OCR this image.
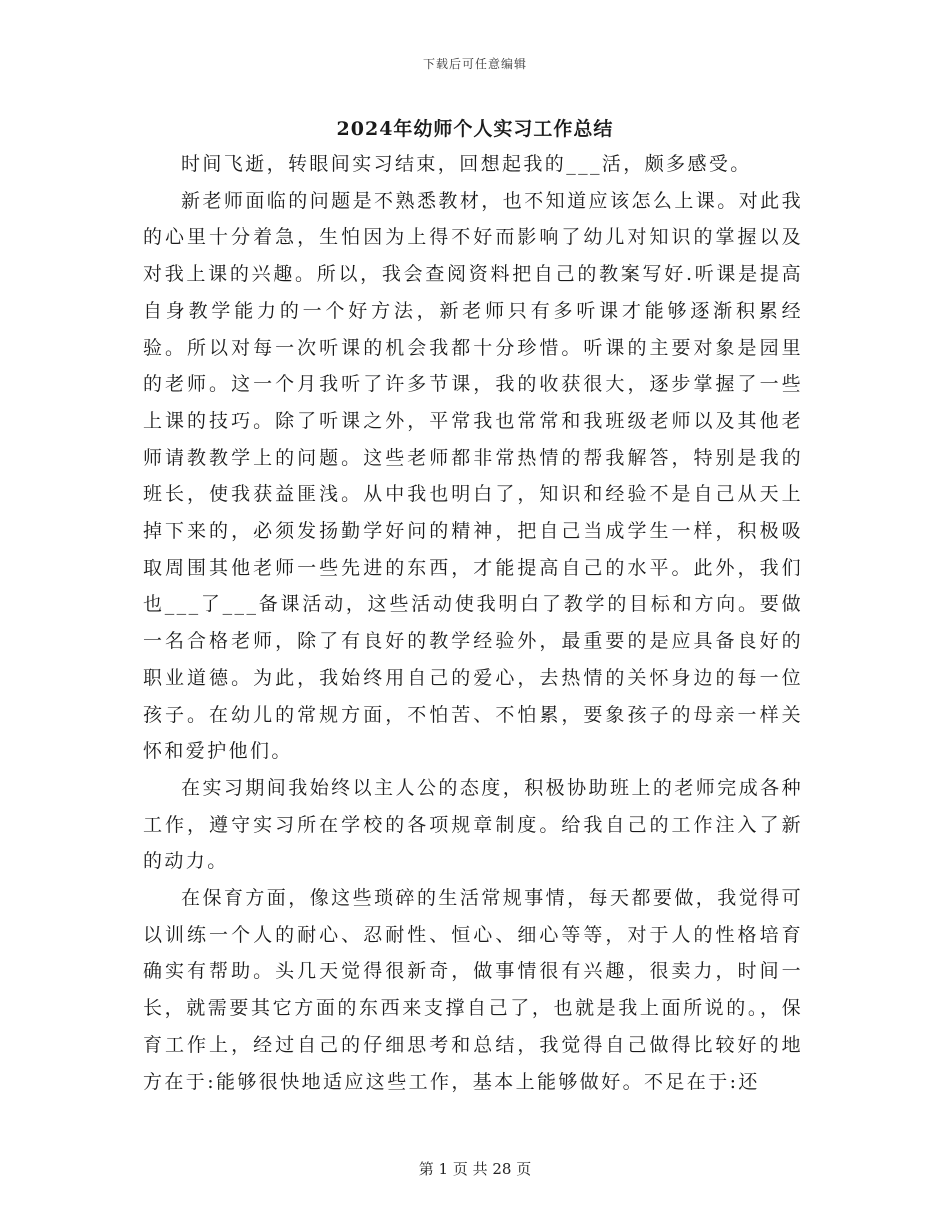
下载后可任意编辑
2024年幼师个人实习工作总结

时间飞逝，转眼间实习结束，回想起我的___活，颇多感受。

新老师面临的问题是不熟悉教材，也不知道应该怎么上课。对此我的心里十分着急，生怕因为上得不好而影响了幼儿对知识的掌握以及对我上课的兴趣。所以，我会查阅资料把自己的教案写好.听课是提高自身教学能力的一个好方法，新老师只有多听课才能够逐渐积累经验。所以对每一次听课的机会我都十分珍惜。听课的主要对象是园里的老师。这一个月我听了许多节课，我的收获很大，逐步掌握了一些上课的技巧。除了听课之外，平常我也常常和我班级老师以及其他老师请教教学上的问题。这些老师都非常热情的帮我解答，特别是我的班长，使我获益匪浅。从中我也明白了，知识和经验不是自己从天上掉下来的，必须发扬勤学好问的精神，把自己当成学生一样，积极吸取周围其他老师一些先进的东西，才能提高自己的水平。此外，我们也___了___备课活动，这些活动使我明白了教学的目标和方向。要做一名合格老师，除了有良好的教学经验外，最重要的是应具备良好的职业道德。为此，我始终用自己的爱心，去热情的关怀身边的每一位孩子。在幼儿的常规方面，不怕苦、不怕累，要象孩子的母亲一样关怀和爱护他们。

在实习期间我始终以主人公的态度，积极协助班上的老师完成各种工作，遵守实习所在学校的各项规章制度。给我自己的工作注入了新的动力。

在保育方面，像这些琐碎的生活常规事情，每天都要做，我觉得可以训练一个人的耐心、忍耐性、恒心、细心等等，对于人的性格培育确实有帮助。头几天觉得很新奇，做事情很有兴趣，很卖力，时间一长，就需要其它方面的东西来支撑自己了，也就是我上面所说的。，保育工作上，经过自己的仔细思考和总结，我觉得自己做得比较好的地方在于:能够很快地适应这些工作，基本上能够做好。不足在于:还

第 1 页 共 28 页
